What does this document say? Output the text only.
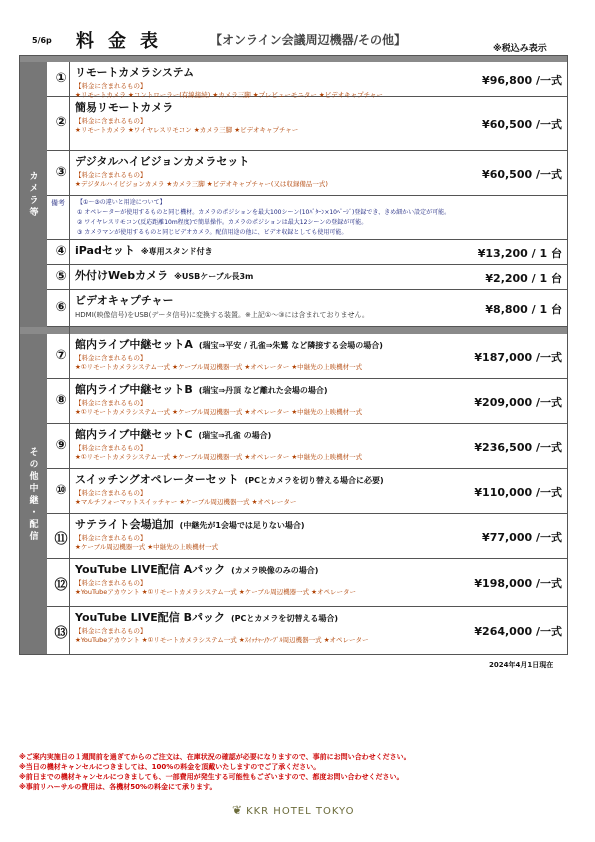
5/6p 料金表	【オンライン会議周辺機器/その他】
※税込み表示
カメラ等
その他中継・配信
① リモートカメラシステム
【料金に含まれるもの】
★リモートカメラ ★コントローラー(有線接続) ★カメラ三脚 ★プレビューモニター ★ビデオキャプチャー
¥96,800 /一式
②
簡易リモートカメラ
【料金に含まれるもの】
★リモートカメラ ★ワイヤレスリモコン ★カメラ三脚 ★ビデオキャプチャー	¥60,500 /一式
③
デジタルハイビジョンカメラセット
【料金に含まれるもの】
★デジタルハイビジョンカメラ ★カメラ三脚 ★ビデオキャプチャー(又は収録備品一式)
¥60,500 /一式
④ iPadセット ※専用スタンド付き	¥13,200 / 1 台
⑤ 外付けWebカメラ ※USBケーブル長3m	¥2,200 / 1 台
⑥ ビデオキャプチャー
HDMI(映像信号)をUSB(データ信号)に変換する装置。※上記①～③には含まれておりません。	¥8,800 / 1 台
⑦
館内ライブ中継セットA (瑞宝⇒平安 / 孔雀⇒朱鷺 など隣接する会場の場合)
【料金に含まれるもの】
★①リモートカメラシステム一式 ★ケーブル周辺機器一式 ★オペレーター ★中継先の上映機材一式
¥187,000 /一式
⑧
館内ライブ中継セットB (瑞宝⇒丹頂 など離れた会場の場合)
【料金に含まれるもの】
★①リモートカメラシステム一式 ★ケーブル周辺機器一式 ★オペレーター ★中継先の上映機材一式
¥209,000 /一式
⑨
館内ライブ中継セットC (瑞宝⇒孔雀 の場合)
【料金に含まれるもの】
★①リモートカメラシステム一式 ★ケーブル周辺機器一式 ★オペレーター ★中継先の上映機材一式
¥236,500 /一式
⑩
スイッチングオペレーターセット (PCとカメラを切り替える場合に必要)
【料金に含まれるもの】
★マルチフォーマットスイッチャー ★ケーブル周辺機器一式 ★オペレーター
¥110,000 /一式
⑪
サテライト会場追加 (中継先が1会場では足りない場合)
【料金に含まれるもの】
★ケーブル周辺機器一式 ★中継先の上映機材一式
¥77,000 /一式
⑫
YouTube LIVE配信 Aパック (カメラ映像のみの場合)
【料金に含まれるもの】
★YouTubeアカウント ★①リモートカメラシステム一式 ★ケーブル周辺機器一式 ★オペレーター
¥198,000 /一式
⑬
YouTube LIVE配信 Bパック (PCとカメラを切替える場合)
【料金に含まれるもの】
★YouTubeアカウント ★①リモートカメラシステム一式 ★ｽｲｯﾁｬｰ/ｹｰﾌﾞﾙ周辺機器一式 ★オペレーター
¥264,000 /一式
備考 【①～③の違いと用途について】
① オペレーターが使用するものと同じ機材。カメラのポジションを最大100シーン(10ﾊﾟﾀｰﾝ×10ﾍﾟｰｼﾞ)登録でき、きめ細かい設定が可能。
② ワイヤレスリモコン(反応距離10m程度)で簡単操作。カメラのポジションは最大12シーンの登録が可能。
③ カメラマンが使用するものと同じビデオカメラ。配信用途の他に、ビデオ収録としても使用可能。
2024年4月1日現在
※ご案内実施日の１週間前を過ぎてからのご注文は、在庫状況の確認が必要になりますので、事前にお問い合わせください。
※当日の機材キャンセルにつきましては、100%の料金を頂戴いたしますのでご了承ください。
※前日までの機材キャンセルにつきましても、一部費用が発生する可能性もございますので、都度お問い合わせください。
※事前リハーサルの費用は、各機材50%の料金にて承ります。
❦ KKR HOTEL TOKYO
